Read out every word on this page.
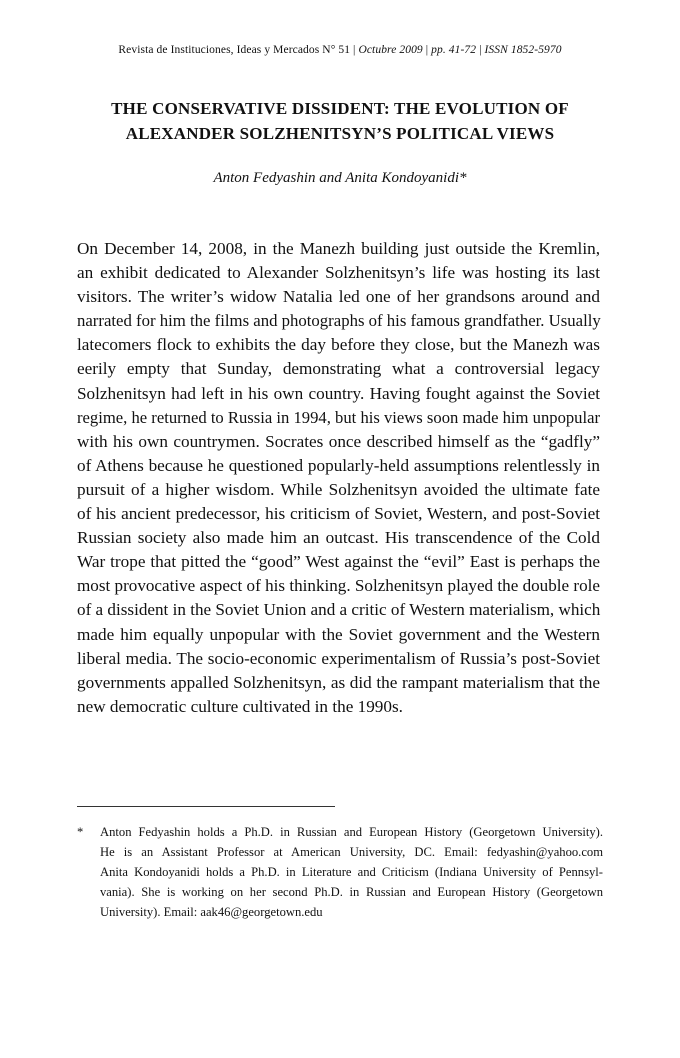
Revista de Instituciones, Ideas y Mercados N° 51 | Octubre 2009 | pp. 41-72 | ISSN 1852-5970
THE CONSERVATIVE DISSIDENT: THE EVOLUTION OF
ALEXANDER SOLZHENITSYN’S POLITICAL VIEWS
Anton Fedyashin and Anita Kondoyanidi*
On December 14, 2008, in the Manezh building just outside the Kremlin,
an exhibit dedicated to Alexander Solzhenitsyn’s life was hosting its last
visitors. The writer’s widow Natalia led one of her grandsons around and
narrated for him the films and photographs of his famous grandfather. Usually
latecomers flock to exhibits the day before they close, but the Manezh was
eerily empty that Sunday, demonstrating what a controversial legacy
Solzhenitsyn had left in his own country. Having fought against the Soviet
regime, he returned to Russia in 1994, but his views soon made him unpopular
with his own countrymen. Socrates once described himself as the “gadfly”
of Athens because he questioned popularly-held assumptions relentlessly in
pursuit of a higher wisdom. While Solzhenitsyn avoided the ultimate fate
of his ancient predecessor, his criticism of Soviet, Western, and post-Soviet
Russian society also made him an outcast. His transcendence of the Cold
War trope that pitted the “good” West against the “evil” East is perhaps the
most provocative aspect of his thinking. Solzhenitsyn played the double role
of a dissident in the Soviet Union and a critic of Western materialism, which
made him equally unpopular with the Soviet government and the Western
liberal media. The socio-economic experimentalism of Russia’s post-Soviet
governments appalled Solzhenitsyn, as did the rampant materialism that the
new democratic culture cultivated in the 1990s.
* Anton Fedyashin holds a Ph.D. in Russian and European History (Georgetown University).
He is an Assistant Professor at American University, DC. Email: fedyashin@yahoo.com
Anita Kondoyanidi holds a Ph.D. in Literature and Criticism (Indiana University of Pennsyl-
vania). She is working on her second Ph.D. in Russian and European History (Georgetown
University). Email: aak46@georgetown.edu
